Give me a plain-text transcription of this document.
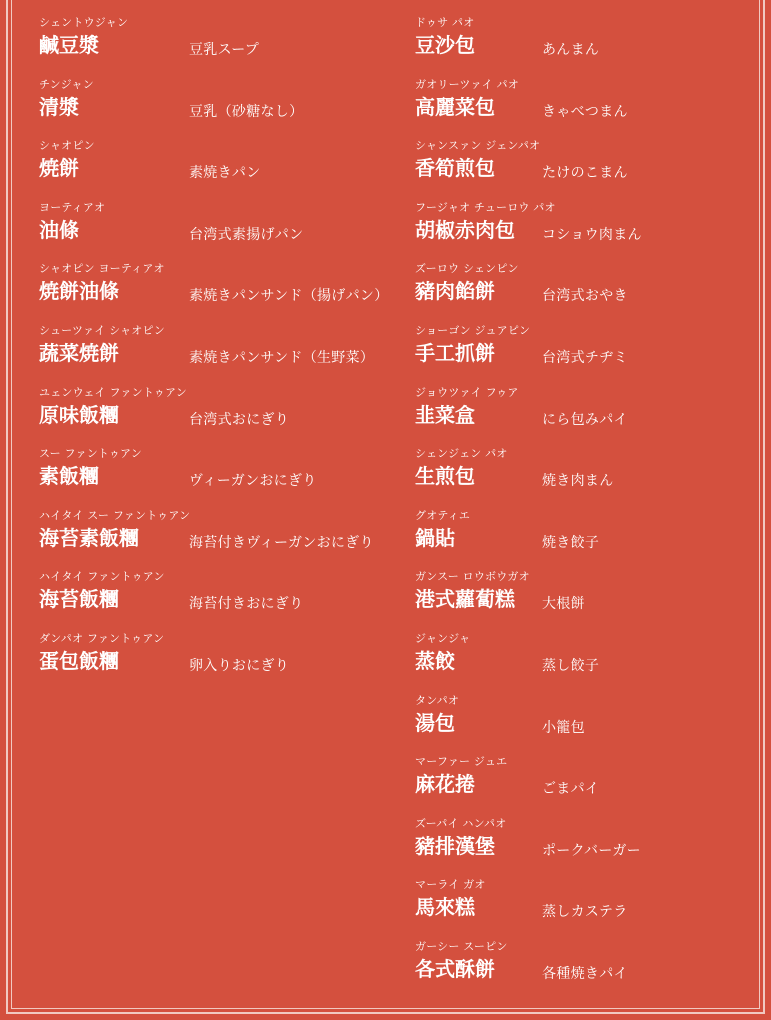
シェントウジャン
鹹豆漿	豆乳スープ
チンジャン
清漿	豆乳（砂糖なし）
シャオピン
焼餅	素焼きパン
ヨーティアオ
油條	台湾式素揚げパン
シャオピン ヨーティアオ
焼餅油條	素焼きパンサンド（揚げパン）
シューツァイ シャオピン
蔬菜焼餅	素焼きパンサンド（生野菜）
ユェンウェイ ファントゥアン
原味飯糰	台湾式おにぎり
スー ファントゥアン
素飯糰	ヴィーガンおにぎり
ハイタイ スー ファントゥアン
海苔素飯糰	海苔付きヴィーガンおにぎり
ハイタイ ファントゥアン
海苔飯糰	海苔付きおにぎり
ダンパオ ファントゥアン
蛋包飯糰	卵入りおにぎり
ドゥサ パオ
豆沙包	あんまん
ガオリーツァイ パオ
高麗菜包	きゃべつまん
シャンスァン ジェンパオ
香筍煎包	たけのこまん
フージャオ チューロウ パオ
胡椒赤肉包 コショウ肉まん
ズーロウ シェンピン
豬肉餡餅	台湾式おやき
ショーゴン ジュアピン
手工抓餅	台湾式チヂミ
ジョウツァイ フゥア
韭菜盒	にら包みパイ
シェンジェン パオ
生煎包	焼き肉まん
グオティエ
鍋貼	焼き餃子
ガンスー ロウボウガオ
港式蘿蔔糕 大根餅
ジャンジャ
蒸餃	蒸し餃子
タンパオ
湯包	小籠包
マーファー ジュエ
麻花捲	ごまパイ
ズーパイ ハンパオ
豬排漢堡	ポークバーガー
マーライ ガオ
馬來糕	蒸しカステラ
ガーシー スーピン
各式酥餅	各種焼きパイ
